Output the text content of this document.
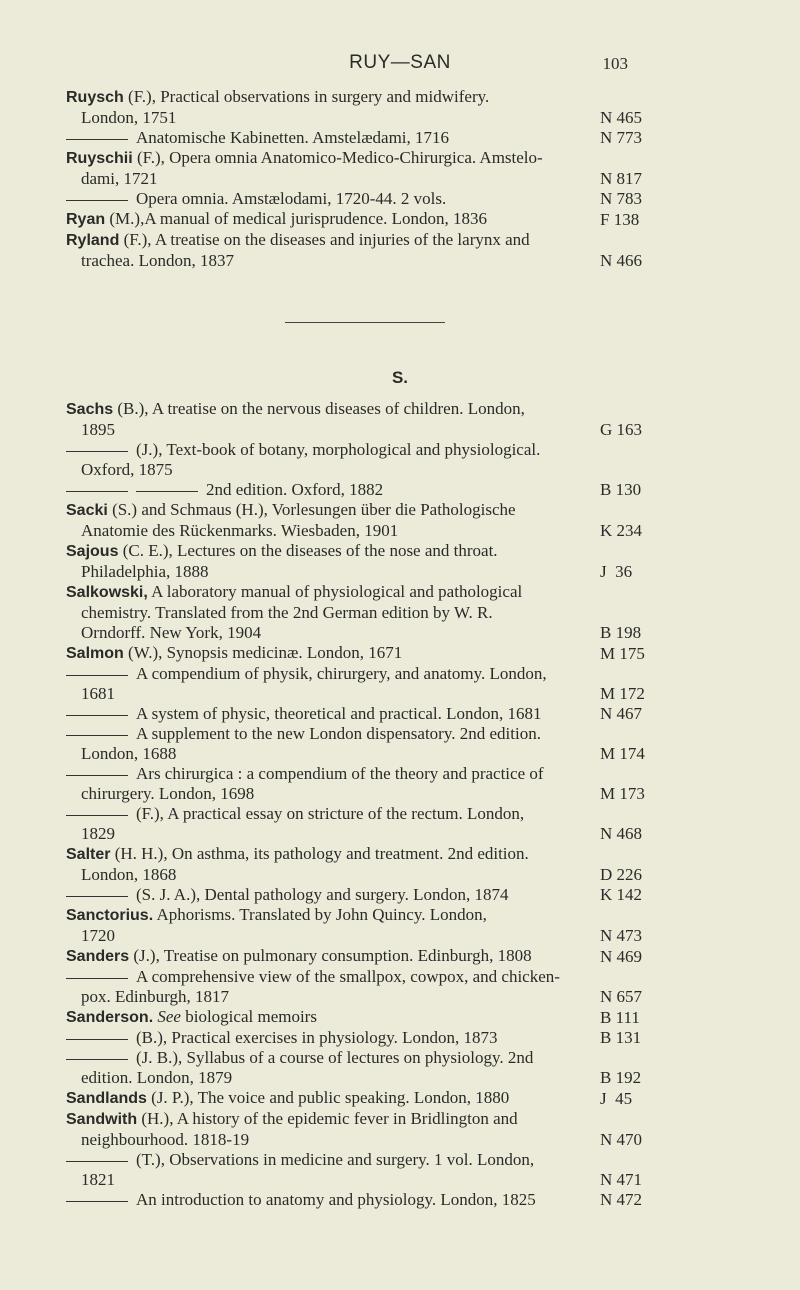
RUY—SAN	103
Ruysch (F.), Practical observations in surgery and midwifery.
London, 1751	N 465
Anatomische Kabinetten. Amstelædami, 1716	N 773
Ruyschii (F.), Opera omnia Anatomico-Medico-Chirurgica. Amstelo-
dami, 1721	N 817
Opera omnia. Amstælodami, 1720-44. 2 vols.	N 783
Ryan (M.),A manual of medical jurisprudence. London, 1836	F 138
Ryland (F.), A treatise on the diseases and injuries of the larynx and
trachea. London, 1837	N 466
S.
Sachs (B.), A treatise on the nervous diseases of children. London,
1895	G 163
(J.), Text-book of botany, morphological and physiological.
Oxford, 1875
2nd edition. Oxford, 1882	B 130
Sacki (S.) and Schmaus (H.), Vorlesungen über die Pathologische
Anatomie des Rückenmarks. Wiesbaden, 1901	K 234
Sajous (C. E.), Lectures on the diseases of the nose and throat.
Philadelphia, 1888	J  36
Salkowski, A laboratory manual of physiological and pathological
chemistry. Translated from the 2nd German edition by W. R.
Orndorff. New York, 1904	B 198
Salmon (W.), Synopsis medicinæ. London, 1671	M 175
A compendium of physik, chirurgery, and anatomy. London,
1681	M 172
A system of physic, theoretical and practical. London, 1681	N 467
A supplement to the new London dispensatory. 2nd edition.
London, 1688	M 174
Ars chirurgica : a compendium of the theory and practice of
chirurgery. London, 1698	M 173
(F.), A practical essay on stricture of the rectum. London,
1829	N 468
Salter (H. H.), On asthma, its pathology and treatment. 2nd edition.
London, 1868	D 226
(S. J. A.), Dental pathology and surgery. London, 1874	K 142
Sanctorius. Aphorisms. Translated by John Quincy. London,
1720	N 473
Sanders (J.), Treatise on pulmonary consumption. Edinburgh, 1808	N 469
A comprehensive view of the smallpox, cowpox, and chicken-
pox. Edinburgh, 1817	N 657
Sanderson. See biological memoirs	B 111
(B.), Practical exercises in physiology. London, 1873	B 131
(J. B.), Syllabus of a course of lectures on physiology. 2nd
edition. London, 1879	B 192
Sandlands (J. P.), The voice and public speaking. London, 1880	J  45
Sandwith (H.), A history of the epidemic fever in Bridlington and
neighbourhood. 1818-19	N 470
(T.), Observations in medicine and surgery. 1 vol. London,
1821	N 471
An introduction to anatomy and physiology. London, 1825	N 472
